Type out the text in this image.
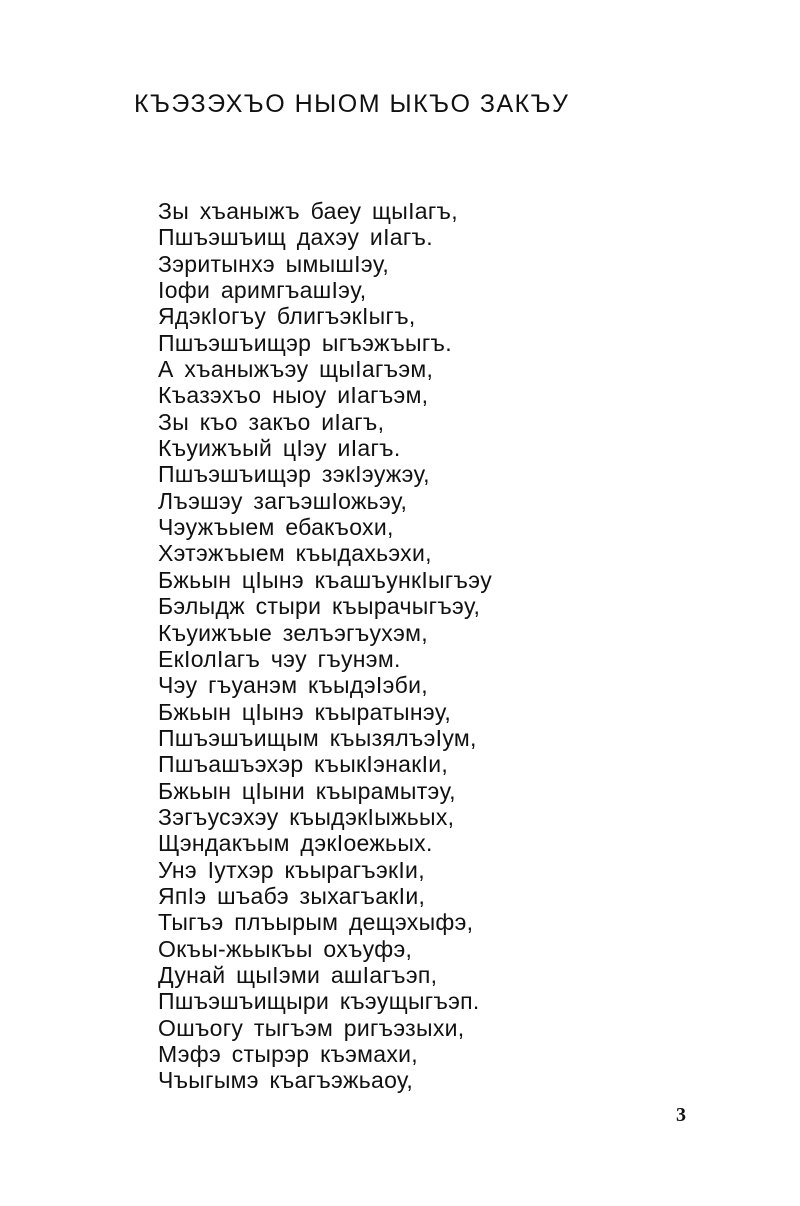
КЪЭЗЭХЪО НЫОМ ЫКЪО ЗАКЪУ
Зы хъаныжъ баеу щыIагъ,
Пшъэшъищ дахэу иIагъ.
Зэритынхэ ымышIэу,
Iофи аримгъашIэу,
ЯдэкIогъу блигъэкIыгъ,
Пшъэшъищэр ыгъэжъыгъ.
А хъаныжъэу щыIагъэм,
Къазэхъо ныоу иIагъэм,
Зы къо закъо иIагъ,
Къуижъый цIэу иIагъ.
Пшъэшъищэр зэкIэужэу,
Лъэшэу загъэшIожьэу,
Чэужъыем ебакъохи,
Хэтэжъыем къыдахьэхи,
Бжьын цIынэ къашъункIыгъэу
Бэлыдж стыри къырачыгъэу,
Къуижъые зелъэгъухэм,
ЕкIолIагъ чэу гъунэм.
Чэу гъуанэм къыдэIэби,
Бжьын цIынэ къыратынэу,
Пшъэшъищым къызялъэIум,
Пшъашъэхэр къыкIэнакIи,
Бжьын цIыни къырамытэу,
Зэгъусэхэу къыдэкIыжьых,
Щэндакъым дэкIоежьых.
Унэ Iутхэр къырагъэкIи,
ЯпIэ шъабэ зыхагъакIи,
Тыгъэ плъырым дещэхыфэ,
Окъы-жьыкъы охъуфэ,
Дунай щыIэми ашIагъэп,
Пшъэшъищыри къэущыгъэп.
Ошъогу тыгъэм ригъэзыхи,
Мэфэ стырэр къэмахи,
Чъыгымэ къагъэжьаоу,
3
